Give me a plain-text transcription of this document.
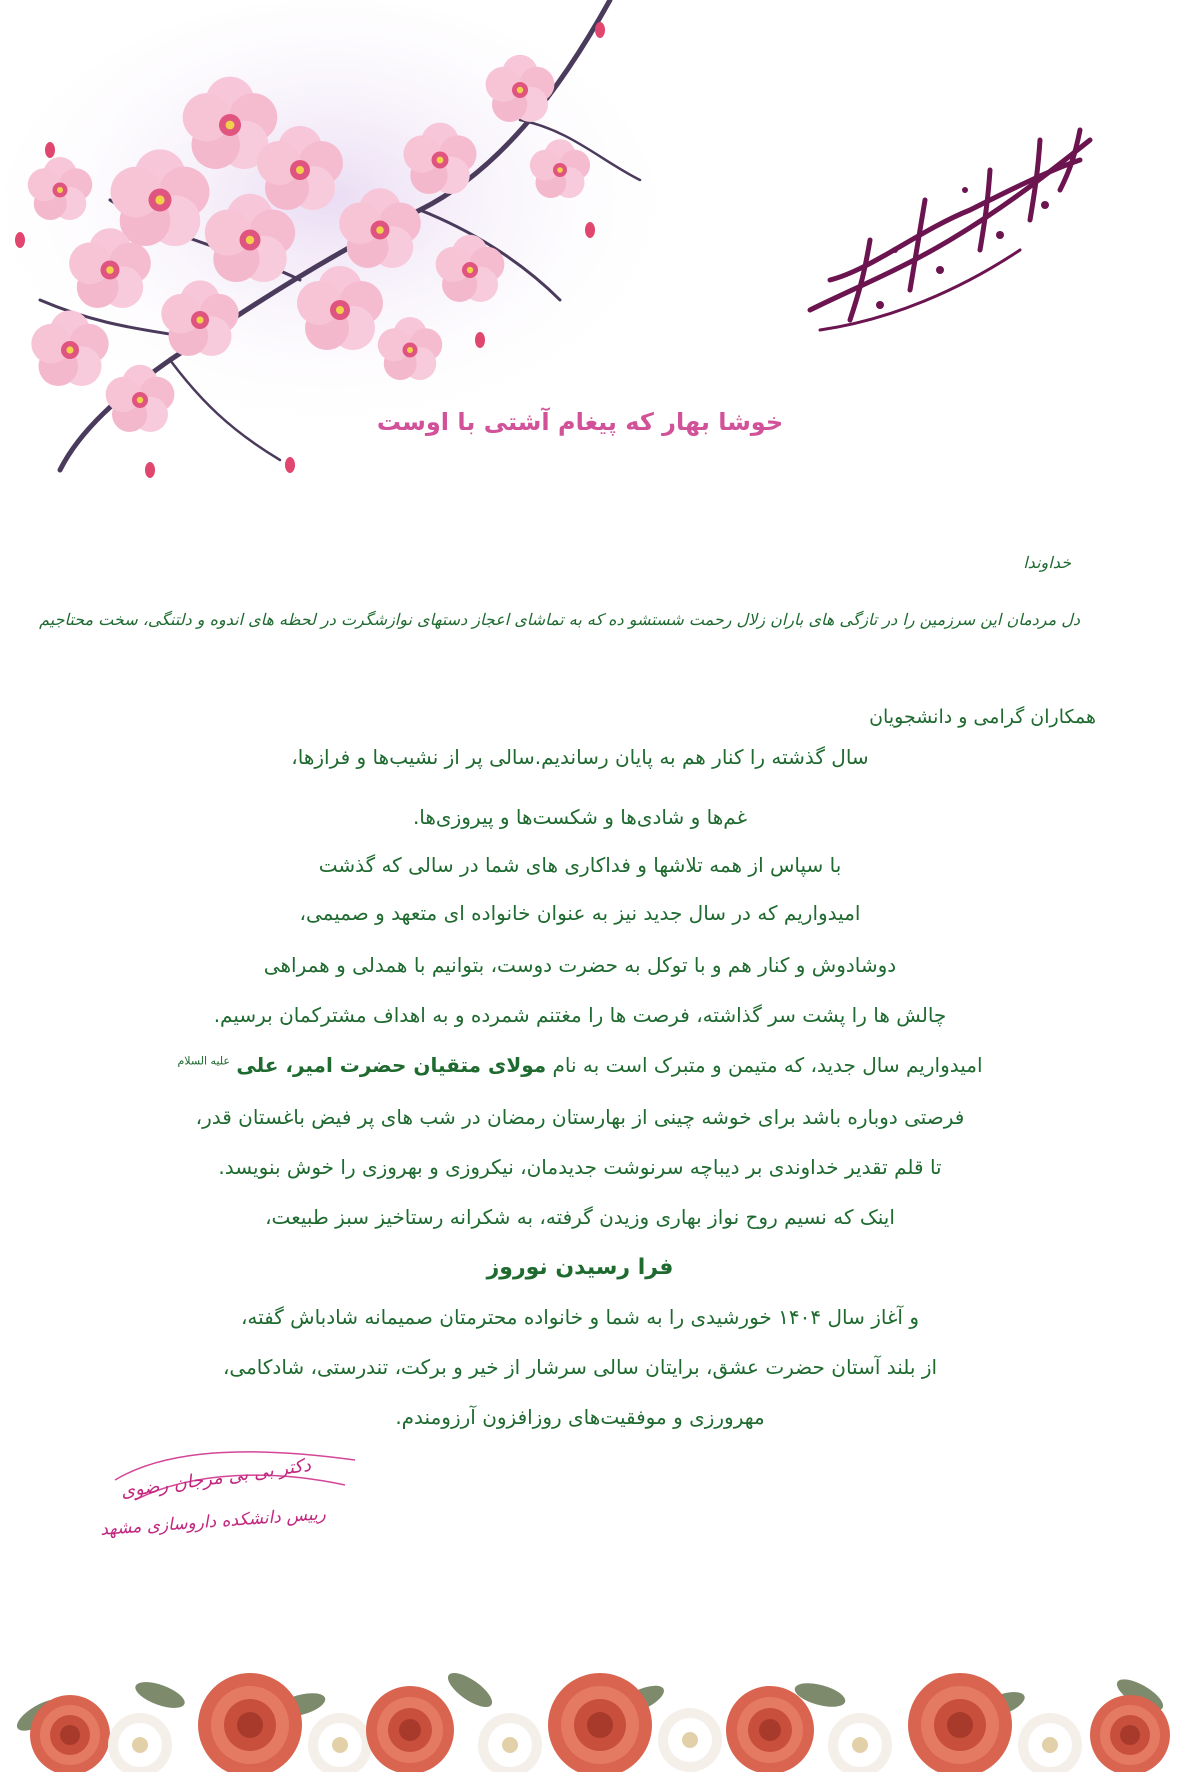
خوشا بهار که پیغام آشتی با اوست
خداوندا
دل مردمان این سرزمین را در تازگی های باران زلال رحمت شستشو ده که به تماشای اعجاز دستهای نوازشگرت در لحظه های اندوه و دلتنگی، سخت محتاجیم
همکاران گرامی و دانشجویان
سال گذشته را کنار هم به پایان رساندیم.سالی پر از نشیب‌ها و فرازها،
غم‌ها و شادی‌ها و شکست‌ها و پیروزی‌ها.
با سپاس از همه تلاشها و فداکاری های شما در سالی که گذشت
امیدواریم که در سال جدید نیز به عنوان خانواده ای متعهد و صمیمی،
دوشادوش و کنار هم و با توکل به حضرت دوست، بتوانیم با همدلی و همراهی
چالش ها را پشت سر گذاشته، فرصت ها را مغتنم شمرده و به اهداف مشترکمان برسیم.
امیدواریم سال جدید، که متیمن و متبرک است به نام مولای متقیان حضرت امیر، علی $^{علیه السلام}$
فرصتی دوباره باشد برای خوشه چینی از بهارستان رمضان در شب های پر فیض باغستان قدر،
تا قلم تقدیر خداوندی بر دیباچه سرنوشت جدیدمان، نیکروزی و بهروزی را خوش بنویسد.
اینک که نسیم روح نواز بهاری وزیدن گرفته، به شکرانه رستاخیز سبز طبیعت،
و آغاز سال ۱۴۰۴ خورشیدی را به شما و خانواده محترمتان صمیمانه شادباش گفته،
از بلند آستان حضرت عشق، برایتان سالی سرشار از خیر و برکت، تندرستی، شادکامی،
مهرورزی و موفقیت‌های روزافزون آرزومندم.
فرا رسیدن نوروز
دکتر بی بی مرجان رضوی
رییس دانشکده داروسازی مشهد
